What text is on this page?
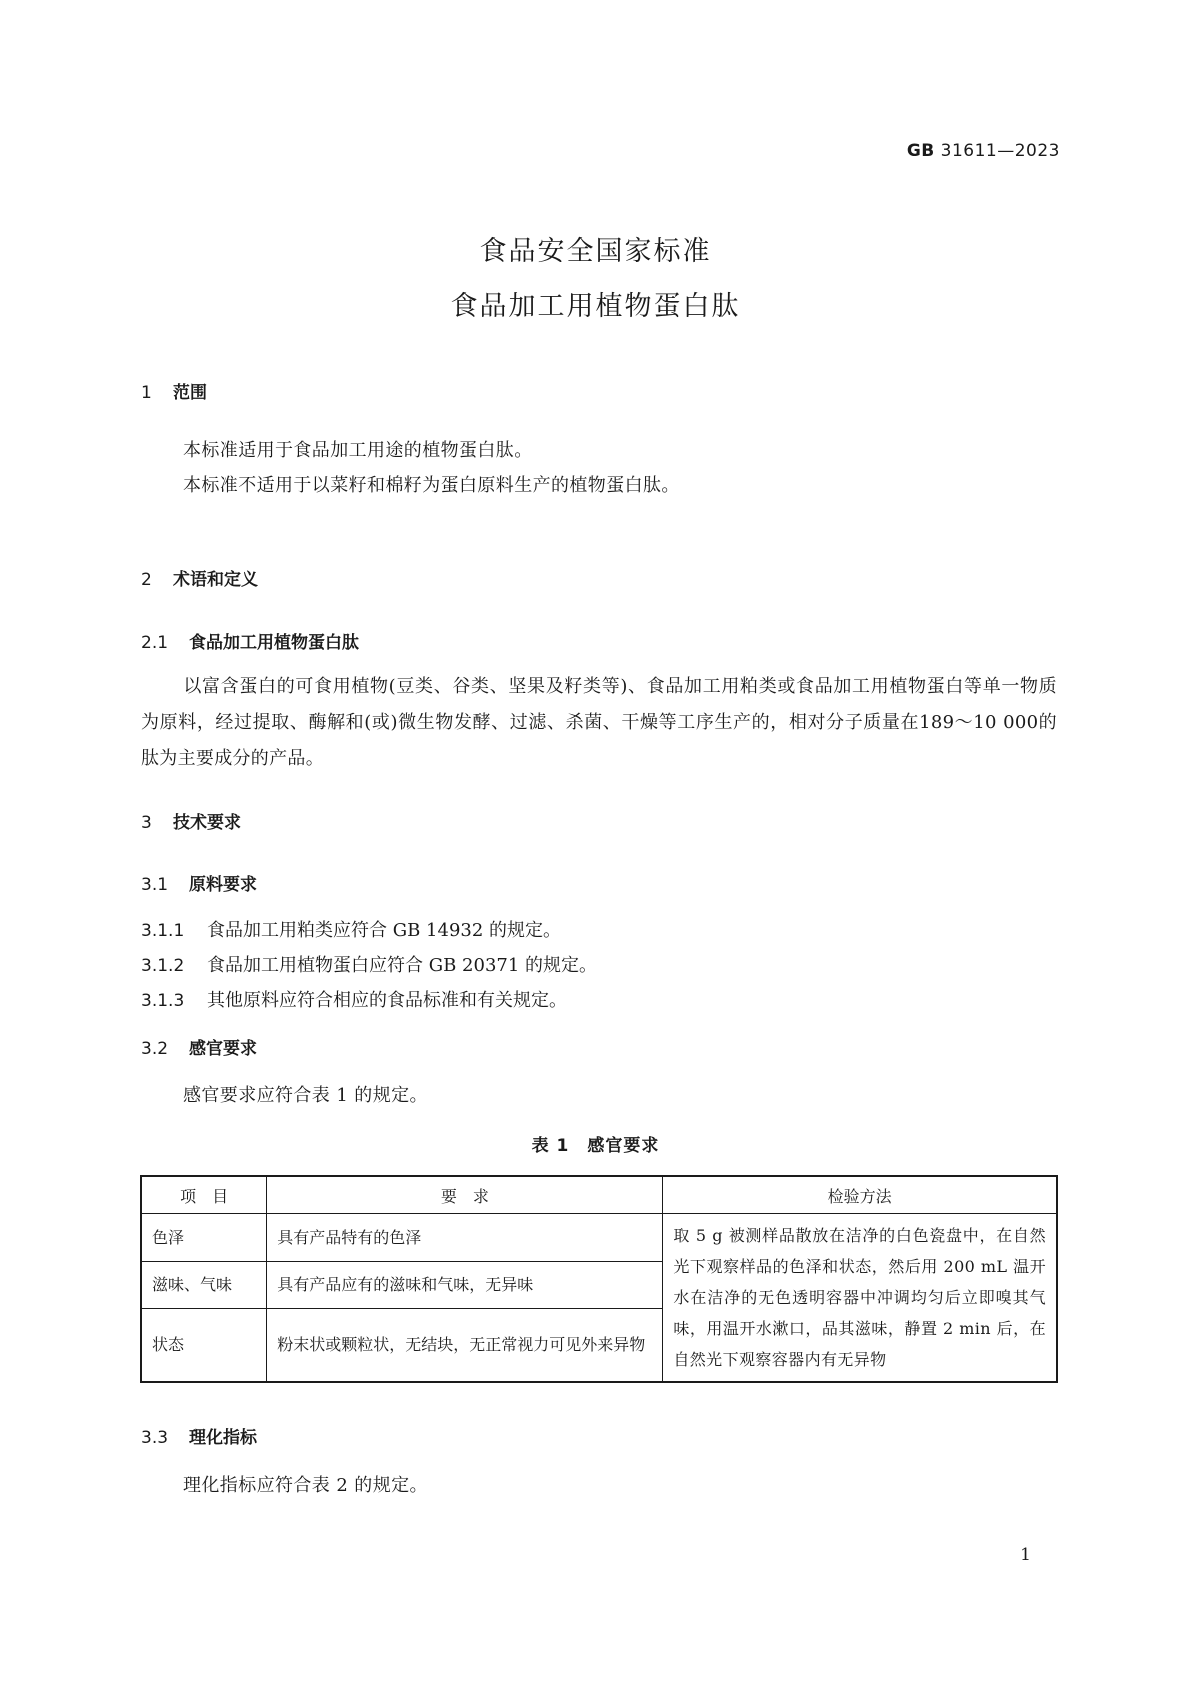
GB 31611—2023
食品安全国家标准
食品加工用植物蛋白肽
1 范围
本标准适用于食品加工用途的植物蛋白肽。
本标准不适用于以菜籽和棉籽为蛋白原料生产的植物蛋白肽。
2 术语和定义
2.1 食品加工用植物蛋白肽
以富含蛋白的可食用植物(豆类、谷类、坚果及籽类等)、食品加工用粕类或食品加工用植物蛋白等单一物质为原料，经过提取、酶解和(或)微生物发酵、过滤、杀菌、干燥等工序生产的，相对分子质量在189～10 000的肽为主要成分的产品。
3 技术要求
3.1 原料要求
3.1.1 食品加工用粕类应符合 GB 14932 的规定。
3.1.2 食品加工用植物蛋白应符合 GB 20371 的规定。
3.1.3 其他原料应符合相应的食品标准和有关规定。
3.2 感官要求
感官要求应符合表 1 的规定。
表 1　感官要求
项　目	要　求	检验方法
色泽	具有产品特有的色泽	取 5 g 被测样品散放在洁净的白色瓷盘中，在自然光下观察样品的色泽和状态，然后用 200 mL 温开水在洁净的无色透明容器中冲调均匀后立即嗅其气味，用温开水漱口，品其滋味，静置 2 min 后，在自然光下观察容器内有无异物
滋味、气味	具有产品应有的滋味和气味，无异味	
状态	粉末状或颗粒状，无结块，无正常视力可见外来异物	
3.3 理化指标
理化指标应符合表 2 的规定。
1
